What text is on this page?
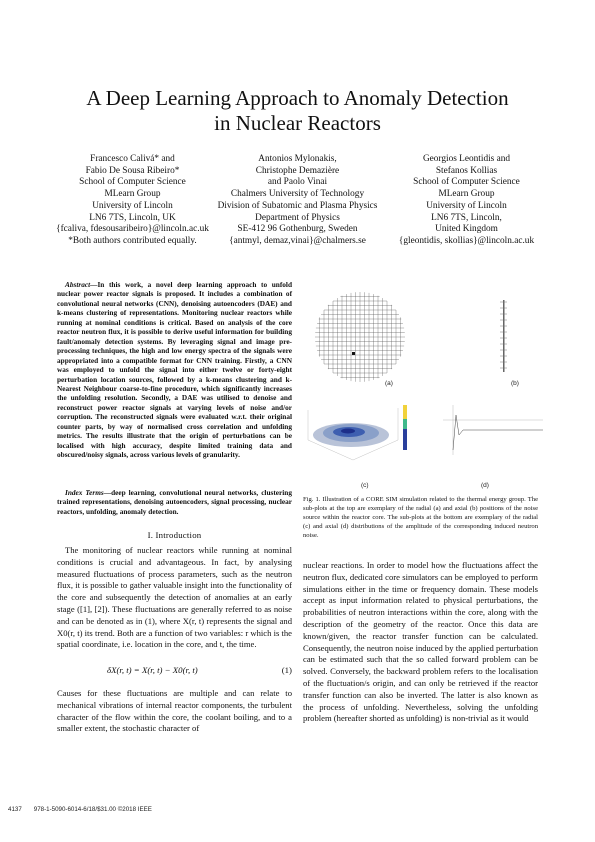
A Deep Learning Approach to Anomaly Detection
in Nuclear Reactors
Francesco Calivá* and
Fabio De Sousa Ribeiro*
School of Computer Science
MLearn Group
University of Lincoln
LN6 7TS, Lincoln, UK
{fcaliva, fdesousaribeiro}@lincoln.ac.uk
*Both authors contributed equally.
Antonios Mylonakis,
Christophe Demazière
and Paolo Vinai
Chalmers University of Technology
Division of Subatomic and Plasma Physics
Department of Physics
SE-412 96 Gothenburg, Sweden
{antmyl, demaz,vinai}@chalmers.se
Georgios Leontidis and
Stefanos Kollias
School of Computer Science
MLearn Group
University of Lincoln
LN6 7TS, Lincoln,
United Kingdom
{gleontidis, skollias}@lincoln.ac.uk

Abstract—In this work, a novel deep learning approach to unfold nuclear power reactor signals is proposed. It includes a combination of convolutional neural networks (CNN), denoising autoencoders (DAE) and k-means clustering of representations. Monitoring nuclear reactors while running at nominal conditions is critical. Based on analysis of the core reactor neutron flux, it is possible to derive useful information for building fault/anomaly detection systems. By leveraging signal and image pre-processing techniques, the high and low energy spectra of the signals were appropriated into a compatible format for CNN training. Firstly, a CNN was employed to unfold the signal into either twelve or forty-eight perturbation location sources, followed by a k-means clustering and k-Nearest Neighbour coarse-to-fine procedure, which significantly increases the unfolding resolution. Secondly, a DAE was utilised to denoise and reconstruct power reactor signals at varying levels of noise and/or corruption. The reconstructed signals were evaluated w.r.t. their original counter parts, by way of normalised cross correlation and unfolding metrics. The results illustrate that the origin of perturbations can be localised with high accuracy, despite limited training data and obscured/noisy signals, across various levels of granularity.

Index Terms—deep learning, convolutional neural networks, clustering trained representations, denoising autoencoders, signal processing, nuclear reactors, unfolding, anomaly detection.

I. Introduction
The monitoring of nuclear reactors while running at nominal conditions is crucial and advantageous. In fact, by analysing measured fluctuations of process parameters, such as the neutron flux, it is possible to gather valuable insight into the functionality of the core and subsequently the detection of anomalies at an early stage ([1], [2]). These fluctuations are generally referred to as noise and can be denoted as in (1), where X(r, t) represents the signal and X0(r, t) its trend. Both are a function of two variables: r which is the spatial coordinate, i.e. location in the core, and t, the time.
δX(r, t) = X(r, t) − X0(r, t)	(1)
Causes for these fluctuations are multiple and can relate to mechanical vibrations of internal reactor components, the turbulent character of the flow within the core, the coolant boiling, and to a smaller extent, the stochastic character of
(a)	(b)
(c)	(d)
Fig. 1. Illustration of a CORE SIM simulation related to the thermal energy group. The sub-plots at the top are exemplary of the radial (a) and axial (b) positions of the noise source within the reactor core. The sub-plots at the bottom are exemplary of the radial (c) and axial (d) distributions of the amplitude of the corresponding induced neutron noise.
nuclear reactions. In order to model how the fluctuations affect the neutron flux, dedicated core simulators can be employed to perform simulations either in the time or frequency domain. These models accept as input information related to physical perturbations, the probabilities of neutron interactions within the core, along with the description of the geometry of the reactor. Once this data are known/given, the reactor transfer function can be calculated. Consequently, the neutron noise induced by the applied perturbation can be estimated such that the so called forward problem can be solved. Conversely, the backward problem refers to the localisation of the fluctuation/s origin, and can only be retrieved if the reactor transfer function can also be inverted. The latter is also known as the process of unfolding. Nevertheless, solving the unfolding problem (hereafter shorted as unfolding) is non-trivial as it would
4137 978-1-5090-6014-6/18/$31.00 ©2018 IEEE
